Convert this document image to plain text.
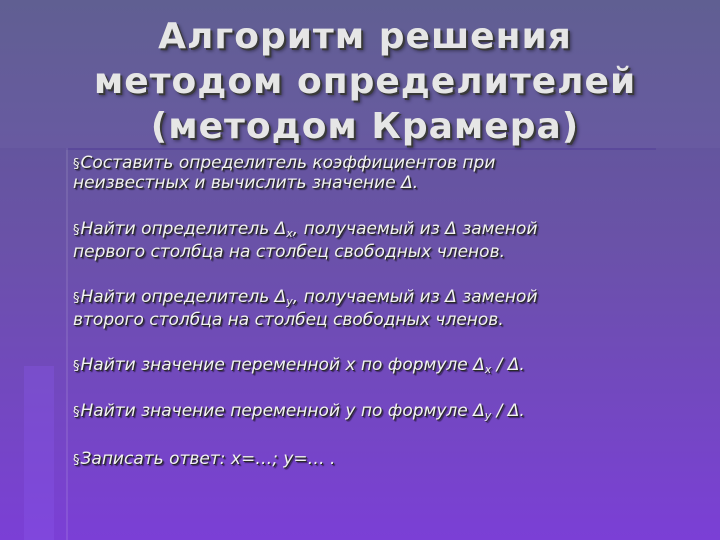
Алгоритм решения
методом определителей
(методом Крамера)
§Составить определитель коэффициентов при
неизвестных и вычислить значение Δ.
§Найти определитель $\Delta_x$, получаемый из Δ заменой
первого столбца на столбец свободных членов.
§Найти определитель $\Delta_y$, получаемый из Δ заменой
второго столбца на столбец свободных членов.
§Найти значение переменной x по формуле $\Delta_x$ / Δ.
§Найти значение переменной y по формуле $\Delta_y$ / Δ.
§Записать ответ: x=…; y=… .
